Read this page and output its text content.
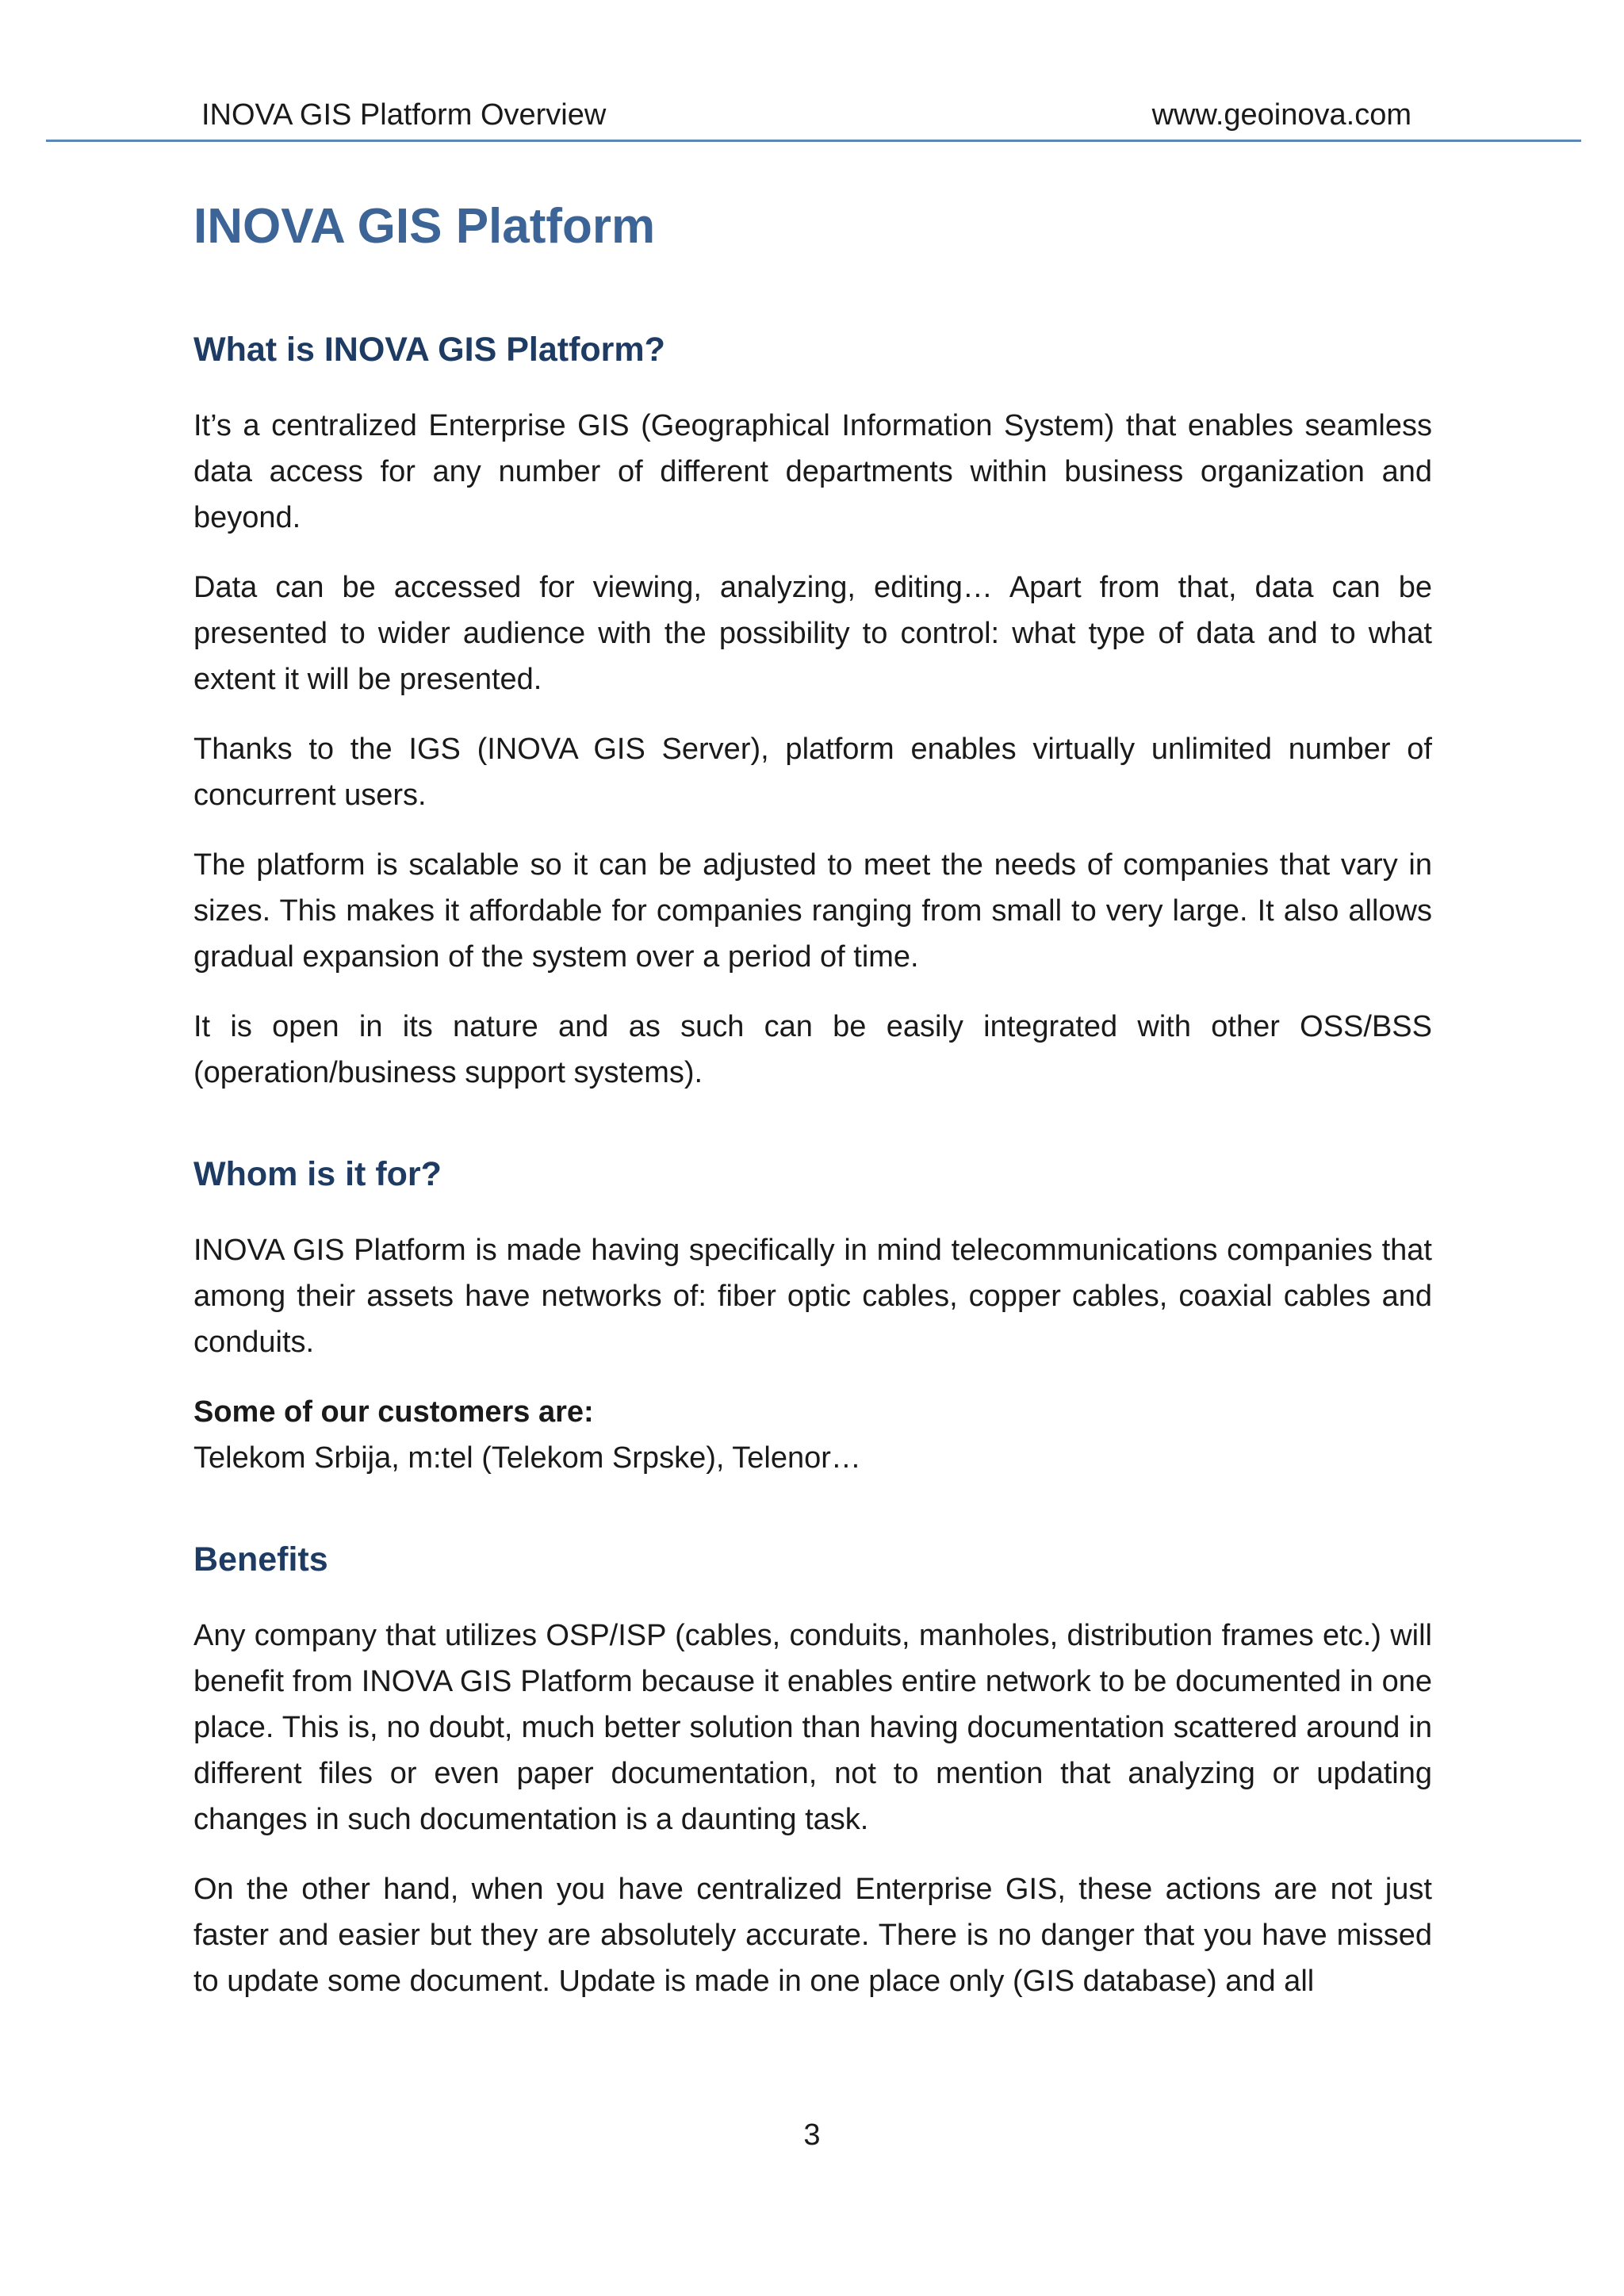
INOVA GIS Platform Overview	www.geoinova.com
INOVA GIS Platform
What is INOVA GIS Platform?

It’s a centralized Enterprise GIS (Geographical Information System) that enables seamless data access for any number of different departments within business organization and beyond.

Data can be accessed for viewing, analyzing, editing… Apart from that, data can be presented to wider audience with the possibility to control: what type of data and to what extent it will be presented.

Thanks to the IGS (INOVA GIS Server), platform enables virtually unlimited number of concurrent users.

The platform is scalable so it can be adjusted to meet the needs of companies that vary in sizes. This makes it affordable for companies ranging from small to very large. It also allows gradual expansion of the system over a period of time.

It is open in its nature and as such can be easily integrated with other OSS/BSS (operation/business support systems).

Whom is it for?

INOVA GIS Platform is made having specifically in mind telecommunications companies that among their assets have networks of: fiber optic cables, copper cables, coaxial cables and conduits.

Some of our customers are:
Telekom Srbija, m:tel (Telekom Srpske), Telenor…
Benefits

Any company that utilizes OSP/ISP (cables, conduits, manholes, distribution frames etc.) will benefit from INOVA GIS Platform because it enables entire network to be documented in one place. This is, no doubt, much better solution than having documentation scattered around in different files or even paper documentation, not to mention that analyzing or updating changes in such documentation is a daunting task.

On the other hand, when you have centralized Enterprise GIS, these actions are not just faster and easier but they are absolutely accurate. There is no danger that you have missed to update some document. Update is made in one place only (GIS database) and all

3
